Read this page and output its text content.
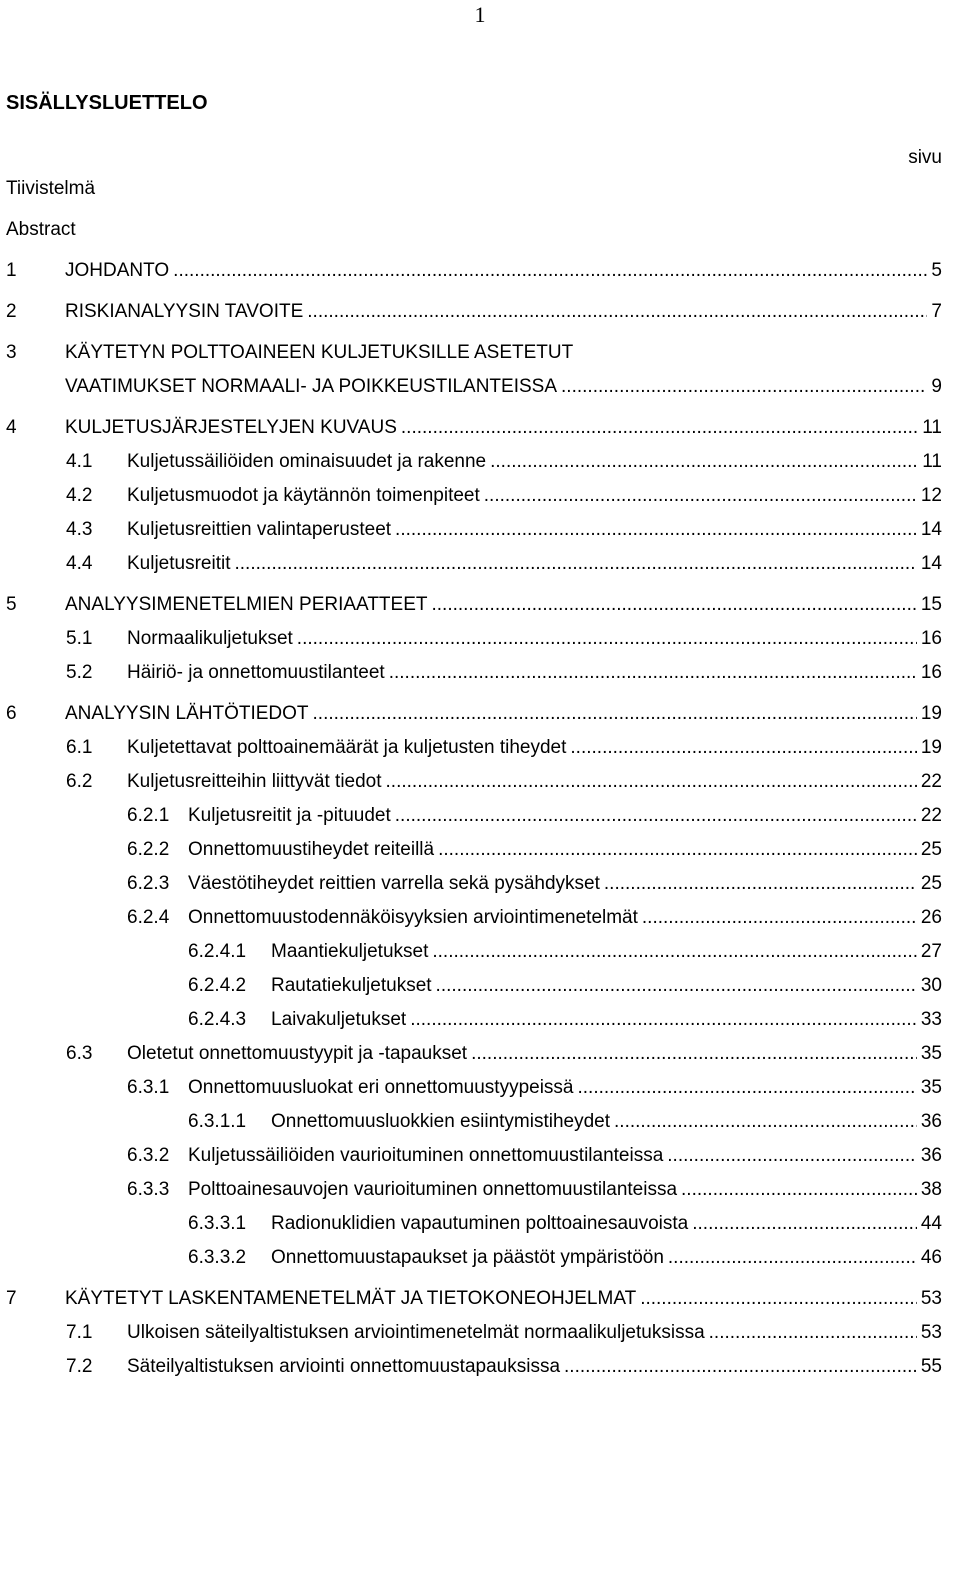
1
SISÄLLYSLUETTELO
sivu
Tiivistelmä
Abstract
1	JOHDANTO .....	5
2	RISKIANALYYSIN TAVOITE .....	7
3	KÄYTETYN POLTTOAINEEN KULJETUKSILLE ASETETUT
VAATIMUKSET NORMAALI- JA POIKKEUSTILANTEISSA .....	9
4	KULJETUSJÄRJESTELYJEN KUVAUS .....	11
4.1	Kuljetussäiliöiden ominaisuudet ja rakenne .....	11
4.2	Kuljetusmuodot ja käytännön toimenpiteet .....	12
4.3	Kuljetusreittien valintaperusteet .....	14
4.4	Kuljetusreitit .....	14
5	ANALYYSIMENETELMIEN PERIAATTEET .....	15
5.1	Normaalikuljetukset .....	16
5.2	Häiriö- ja onnettomuustilanteet .....	16
6	ANALYYSIN LÄHTÖTIEDOT .....	19
6.1	Kuljetettavat polttoainemäärät ja kuljetusten tiheydet .....	19
6.2	Kuljetusreitteihin liittyvät tiedot .....	22
6.2.1 Kuljetusreitit ja -pituudet .....	22
6.2.2 Onnettomuustiheydet reiteillä .....	25
6.2.3 Väestötiheydet reittien varrella sekä pysähdykset .....	25
6.2.4 Onnettomuustodennäköisyyksien arviointimenetelmät .....	26
6.2.4.1	Maantiekuljetukset .....	27
6.2.4.2	Rautatiekuljetukset .....	30
6.2.4.3	Laivakuljetukset .....	33
6.3	Oletetut onnettomuustyypit ja -tapaukset .....	35
6.3.1 Onnettomuusluokat eri onnettomuustyypeissä .....	35
6.3.1.1	Onnettomuusluokkien esiintymistiheydet .....	36
6.3.2 Kuljetussäiliöiden vaurioituminen onnettomuustilanteissa .....	36
6.3.3 Polttoainesauvojen vaurioituminen onnettomuustilanteissa .....	38
6.3.3.1	Radionuklidien vapautuminen polttoainesauvoista .....	44
6.3.3.2	Onnettomuustapaukset ja päästöt ympäristöön .....	46
7	KÄYTETYT LASKENTAMENETELMÄT JA TIETOKONEOHJELMAT .....	53
7.1	Ulkoisen säteilyaltistuksen arviointimenetelmät normaalikuljetuksissa .....	53
7.2	Säteilyaltistuksen arviointi onnettomuustapauksissa .....	55
